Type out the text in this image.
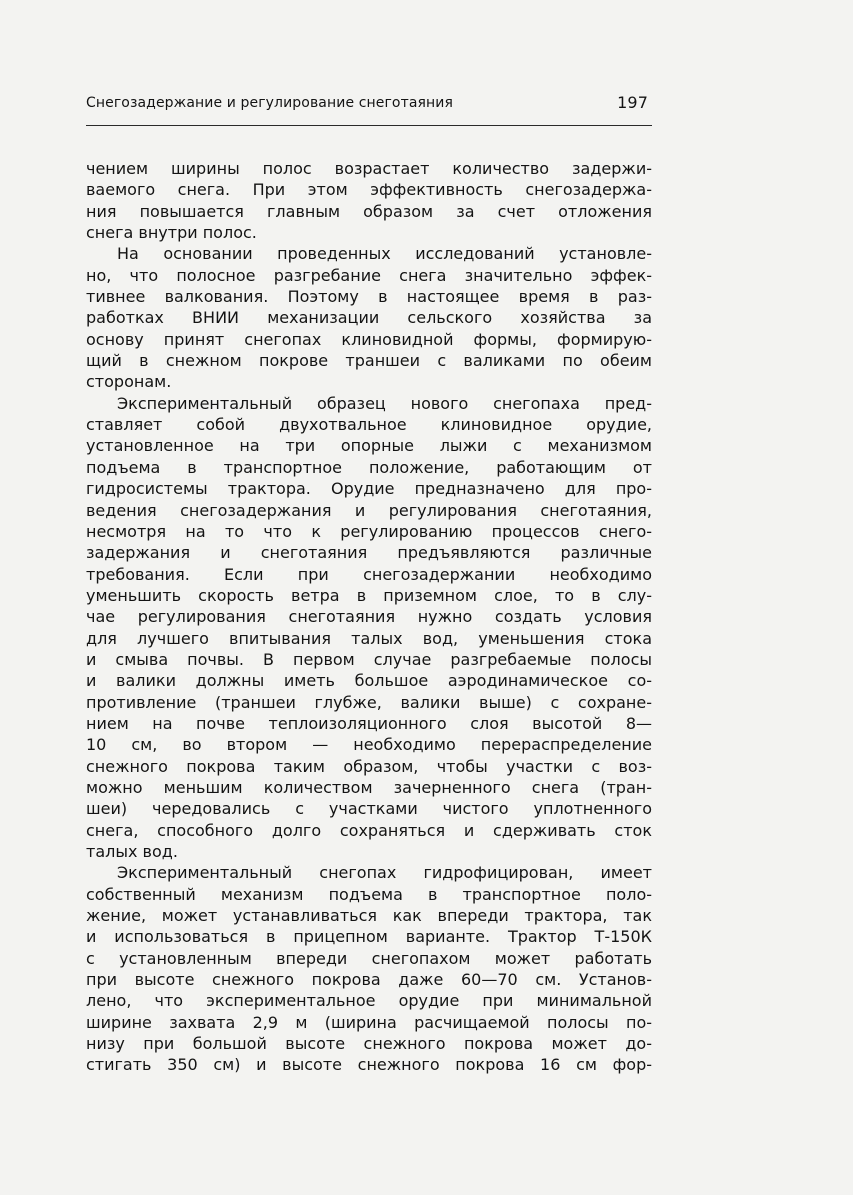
Снегозадержание и регулирование снеготаяния	197
чением ширины полос возрастает количество задержи-
ваемого снега. При этом эффективность снегозадержа-
ния повышается главным образом за счет отложения
снега внутри полос.
На основании проведенных исследований установле-
но, что полосное разгребание снега значительно эффек-
тивнее валкования. Поэтому в настоящее время в раз-
работках ВНИИ механизации сельского хозяйства за
основу принят снегопах клиновидной формы, формирую-
щий в снежном покрове траншеи с валиками по обеим
сторонам.
Экспериментальный образец нового снегопаха пред-
ставляет собой двухотвальное клиновидное орудие,
установленное на три опорные лыжи с механизмом
подъема в транспортное положение, работающим от
гидросистемы трактора. Орудие предназначено для про-
ведения снегозадержания и регулирования снеготаяния,
несмотря на то что к регулированию процессов снего-
задержания и снеготаяния предъявляются различные
требования. Если при снегозадержании необходимо
уменьшить скорость ветра в приземном слое, то в слу-
чае регулирования снеготаяния нужно создать условия
для лучшего впитывания талых вод, уменьшения стока
и смыва почвы. В первом случае разгребаемые полосы
и валики должны иметь большое аэродинамическое со-
противление (траншеи глубже, валики выше) с сохране-
нием на почве теплоизоляционного слоя высотой 8—
10 см, во втором — необходимо перераспределение
снежного покрова таким образом, чтобы участки с воз-
можно меньшим количеством зачерненного снега (тран-
шеи) чередовались с участками чистого уплотненного
снега, способного долго сохраняться и сдерживать сток
талых вод.
Экспериментальный снегопах гидрофицирован, имеет
собственный механизм подъема в транспортное поло-
жение, может устанавливаться как впереди трактора, так
и использоваться в прицепном варианте. Трактор Т-150К
с установленным впереди снегопахом может работать
при высоте снежного покрова даже 60—70 см. Установ-
лено, что экспериментальное орудие при минимальной
ширине захвата 2,9 м (ширина расчищаемой полосы по-
низу при большой высоте снежного покрова может до-
стигать 350 см) и высоте снежного покрова 16 см фор-
